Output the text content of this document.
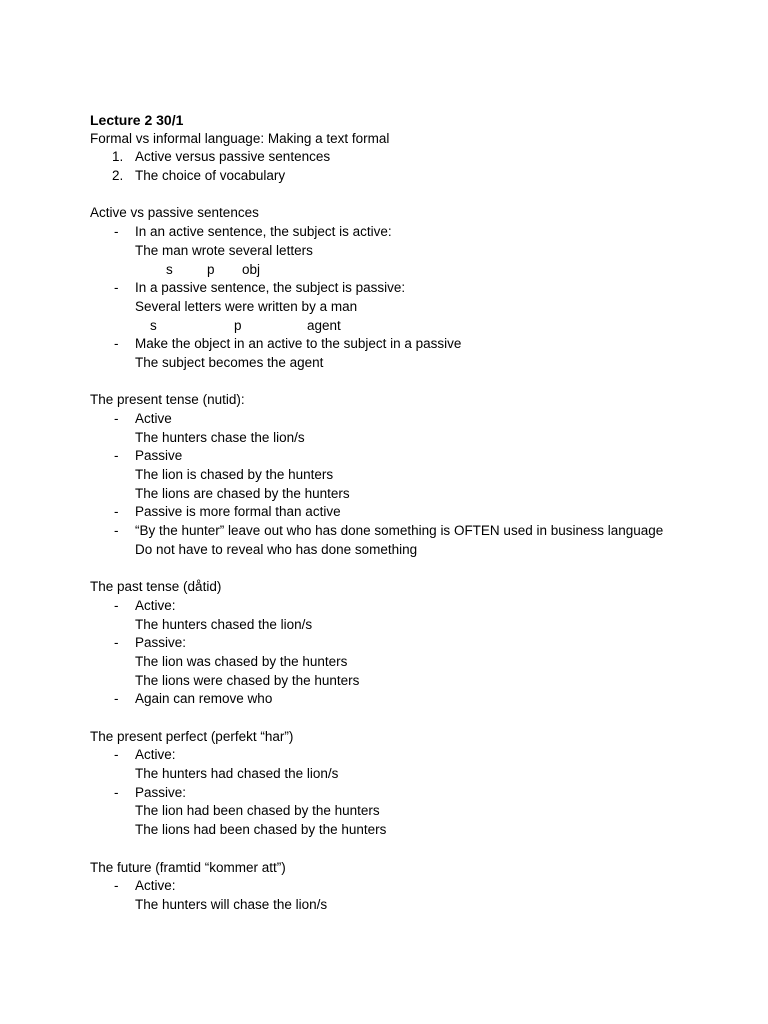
Lecture 2 30/1
Formal vs informal language: Making a text formal
1. Active versus passive sentences
2. The choice of vocabulary
Active vs passive sentences
- In an active sentence, the subject is active:
The man wrote several letters
s	p obj
- In a passive sentence, the subject is passive:
Several letters were written by a man
s	p	agent
- Make the object in an active to the subject in a passive
The subject becomes the agent
The present tense (nutid):
- Active
The hunters chase the lion/s
- Passive
The lion is chased by the hunters
The lions are chased by the hunters
- Passive is more formal than active
- “By the hunter” leave out who has done something is OFTEN used in business language
Do not have to reveal who has done something
The past tense (dåtid)
- Active:
The hunters chased the lion/s
- Passive:
The lion was chased by the hunters
The lions were chased by the hunters
- Again can remove who
The present perfect (perfekt “har”)
- Active:
The hunters had chased the lion/s
- Passive:
The lion had been chased by the hunters
The lions had been chased by the hunters
The future (framtid “kommer att”)
- Active:
The hunters will chase the lion/s
